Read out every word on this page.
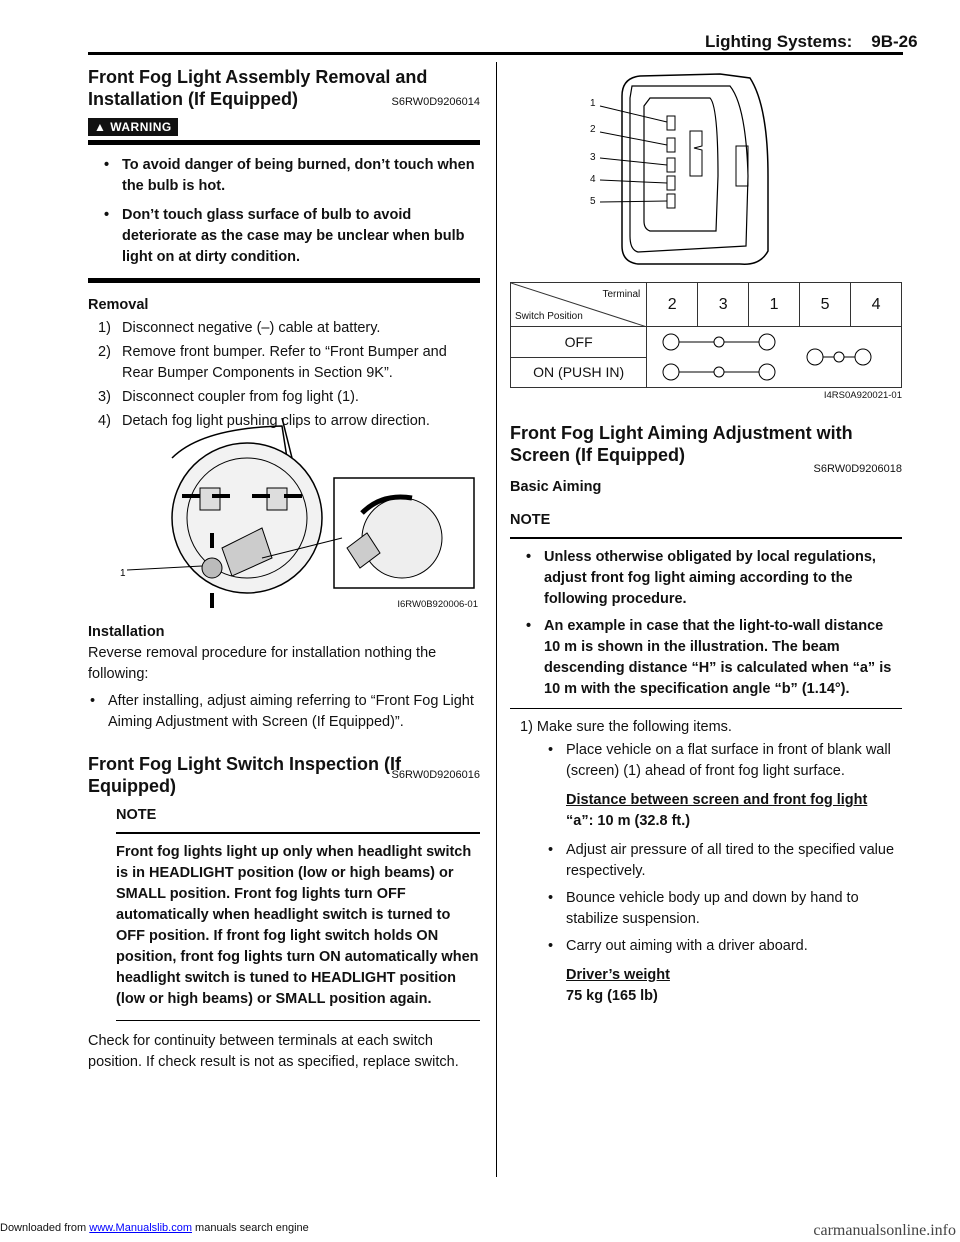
Lighting Systems:    9B-26
Front Fog Light Assembly Removal and Installation (If Equipped)	S6RW0D9206014
▲ WARNING
• To avoid danger of being burned, don’t touch when the bulb is hot.
• Don’t touch glass surface of bulb to avoid deteriorate as the case may be unclear when bulb light on at dirty condition.
Removal
1) Disconnect negative (–) cable at battery.
2) Remove front bumper. Refer to “Front Bumper and Rear Bumper Components in Section 9K”.
3) Disconnect coupler from fog light (1).
4) Detach fog light pushing clips to arrow direction.
1
I6RW0B920006-01
Installation
Reverse removal procedure for installation nothing the following:
• After installing, adjust aiming referring to “Front Fog Light Aiming Adjustment with Screen (If Equipped)”.
Front Fog Light Switch Inspection (If Equipped)
S6RW0D9206016
NOTE
Front fog lights light up only when headlight switch is in HEADLIGHT position (low or high beams) or SMALL position. Front fog lights turn OFF automatically when headlight switch is turned to OFF position. If front fog light switch holds ON position, front fog lights turn ON automatically when headlight switch is tuned to HEADLIGHT position (low or high beams) or SMALL position again.
Check for continuity between terminals at each switch position. If check result is not as specified, replace switch.
1
2
3
4
5
Terminal
Switch Position	2	3	1	5	4
OFF	

ON (PUSH IN)					
I4RS0A920021-01
Front Fog Light Aiming Adjustment with Screen (If Equipped)
S6RW0D9206018
Basic Aiming
NOTE
• Unless otherwise obligated by local regulations, adjust front fog light aiming according to the following procedure.
• An example in case that the light-to-wall distance 10 m is shown in the illustration. The beam descending distance “H” is calculated when “a” is 10 m with the specification angle “b” (1.14°).
1) Make sure the following items.
• Place vehicle on a flat surface in front of blank wall (screen) (1) ahead of front fog light surface.
Distance between screen and front fog light
“a”: 10 m (32.8 ft.)
• Adjust air pressure of all tired to the specified value respectively.
• Bounce vehicle body up and down by hand to stabilize suspension.
• Carry out aiming with a driver aboard.
Driver’s weight
75 kg (165 lb)
Downloaded from www.Manualslib.com manuals search engine	carmanualsonline.info
